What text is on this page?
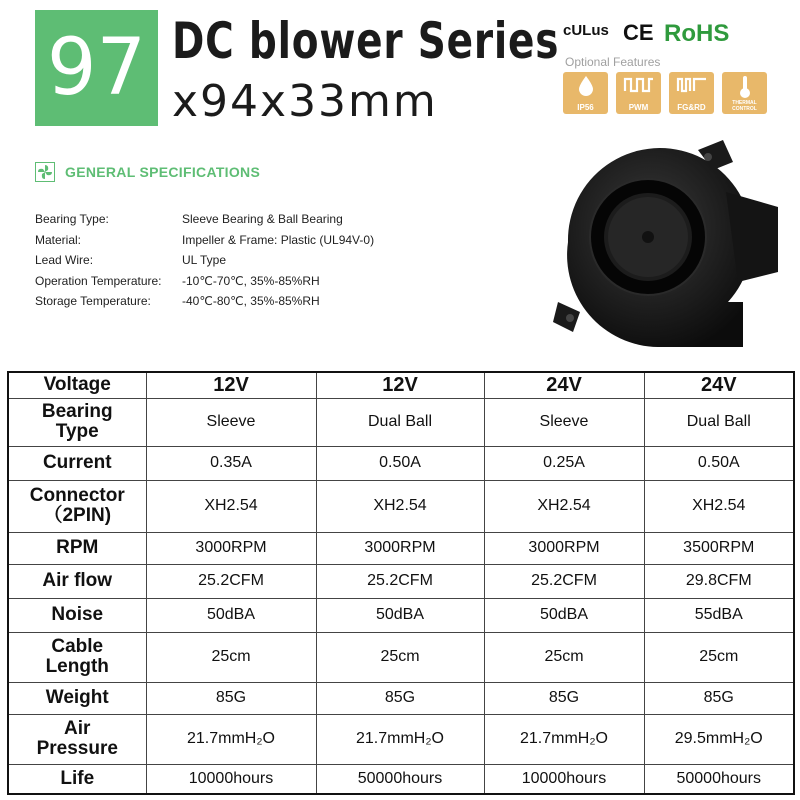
97 DC blower Series
x94x33mm
cULus CE RoHS
Optional Features
IP56	PWM	FG&RD	THERMAL
CONTROL
GENERAL SPECIFICATIONS
Bearing Type:	Sleeve Bearing & Ball Bearing
Material:	Impeller & Frame: Plastic (UL94V-0)
Lead Wire:	UL Type
Operation Temperature:	-10℃-70℃, 35%-85%RH
Storage Temperature:	-40℃-80℃, 35%-85%RH
Voltage	12V	12V	24V	24V

Bearing
Type	Sleeve	Dual Ball	Sleeve	Dual Ball

Current	0.35A	0.50A	0.25A	0.50A

Connector
（2PIN)	XH2.54	XH2.54	XH2.54	XH2.54

RPM	3000RPM	3000RPM	3000RPM	3500RPM

Air flow	25.2CFM	25.2CFM	25.2CFM	29.8CFM

Noise	50dBA	50dBA	50dBA	55dBA

Cable
Length	25cm	25cm	25cm	25cm

Weight	85G	85G	85G	85G

Air
Pressure	21.7mmH₂O	21.7mmH₂O	21.7mmH₂O	29.5mmH₂O

Life	10000hours	50000hours	10000hours	50000hours
